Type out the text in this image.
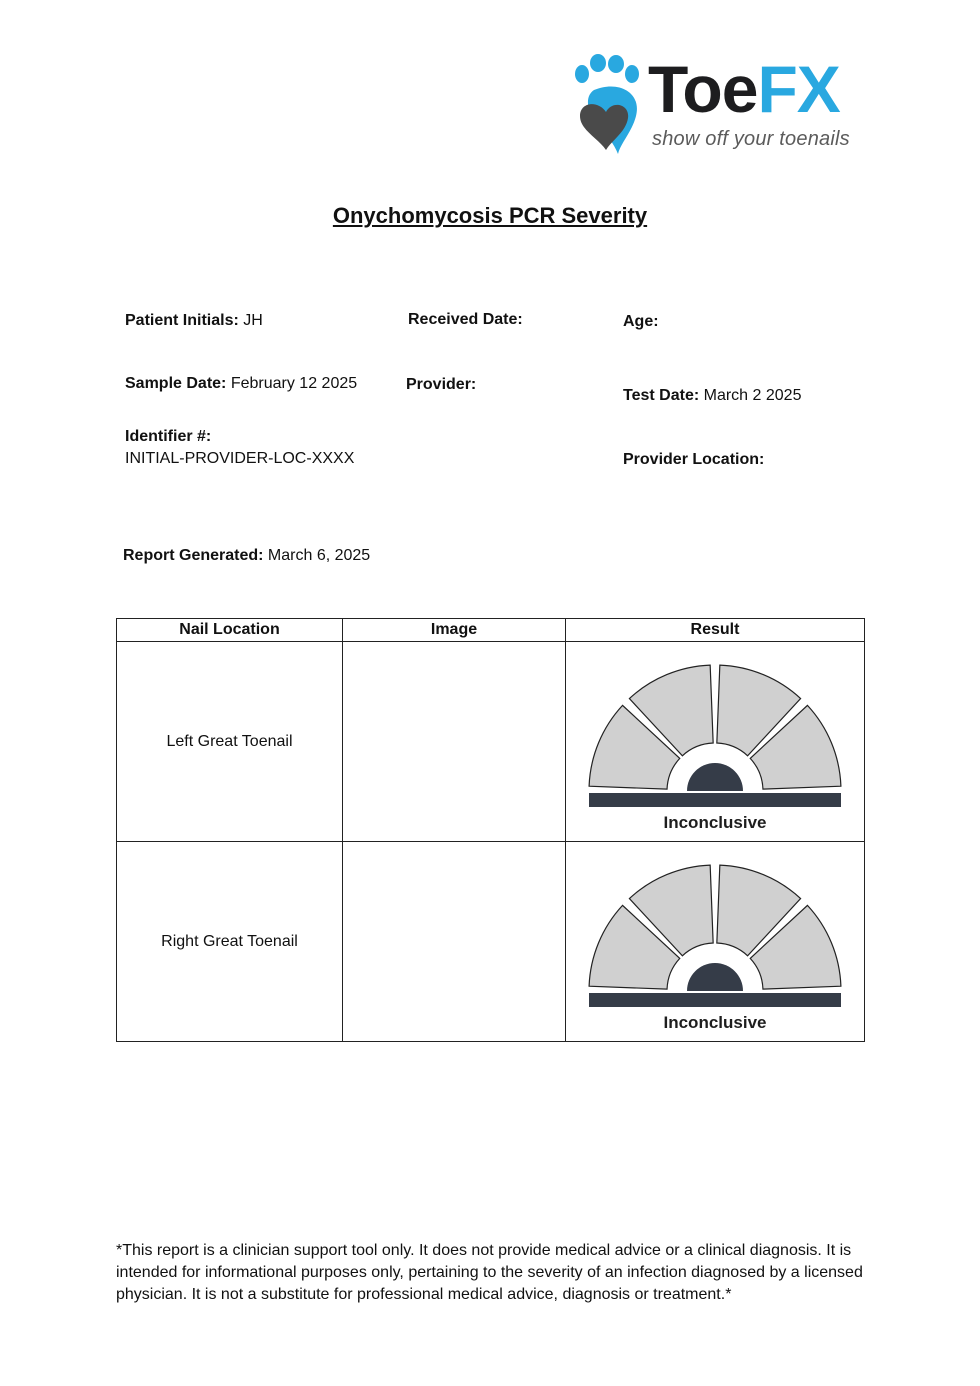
ToeFX
show off your toenails
Onychomycosis PCR Severity
Patient Initials: JH	Received Date:	Age:
Sample Date: February 12 2025	Provider:
Test Date: March 2 2025
Identifier #:
INITIAL-PROVIDER-LOC-XXXX	Provider Location:
Report Generated: March 6, 2025
Nail Location	Image	Result
Left Great Toenail		Inconclusive

Right Great Toenail		Inconclusive
*This report is a clinician support tool only. It does not provide medical advice or a clinical diagnosis. It is intended for informational purposes only, pertaining to the severity of an infection diagnosed by a licensed physician. It is not a substitute for professional medical advice, diagnosis or treatment.*
